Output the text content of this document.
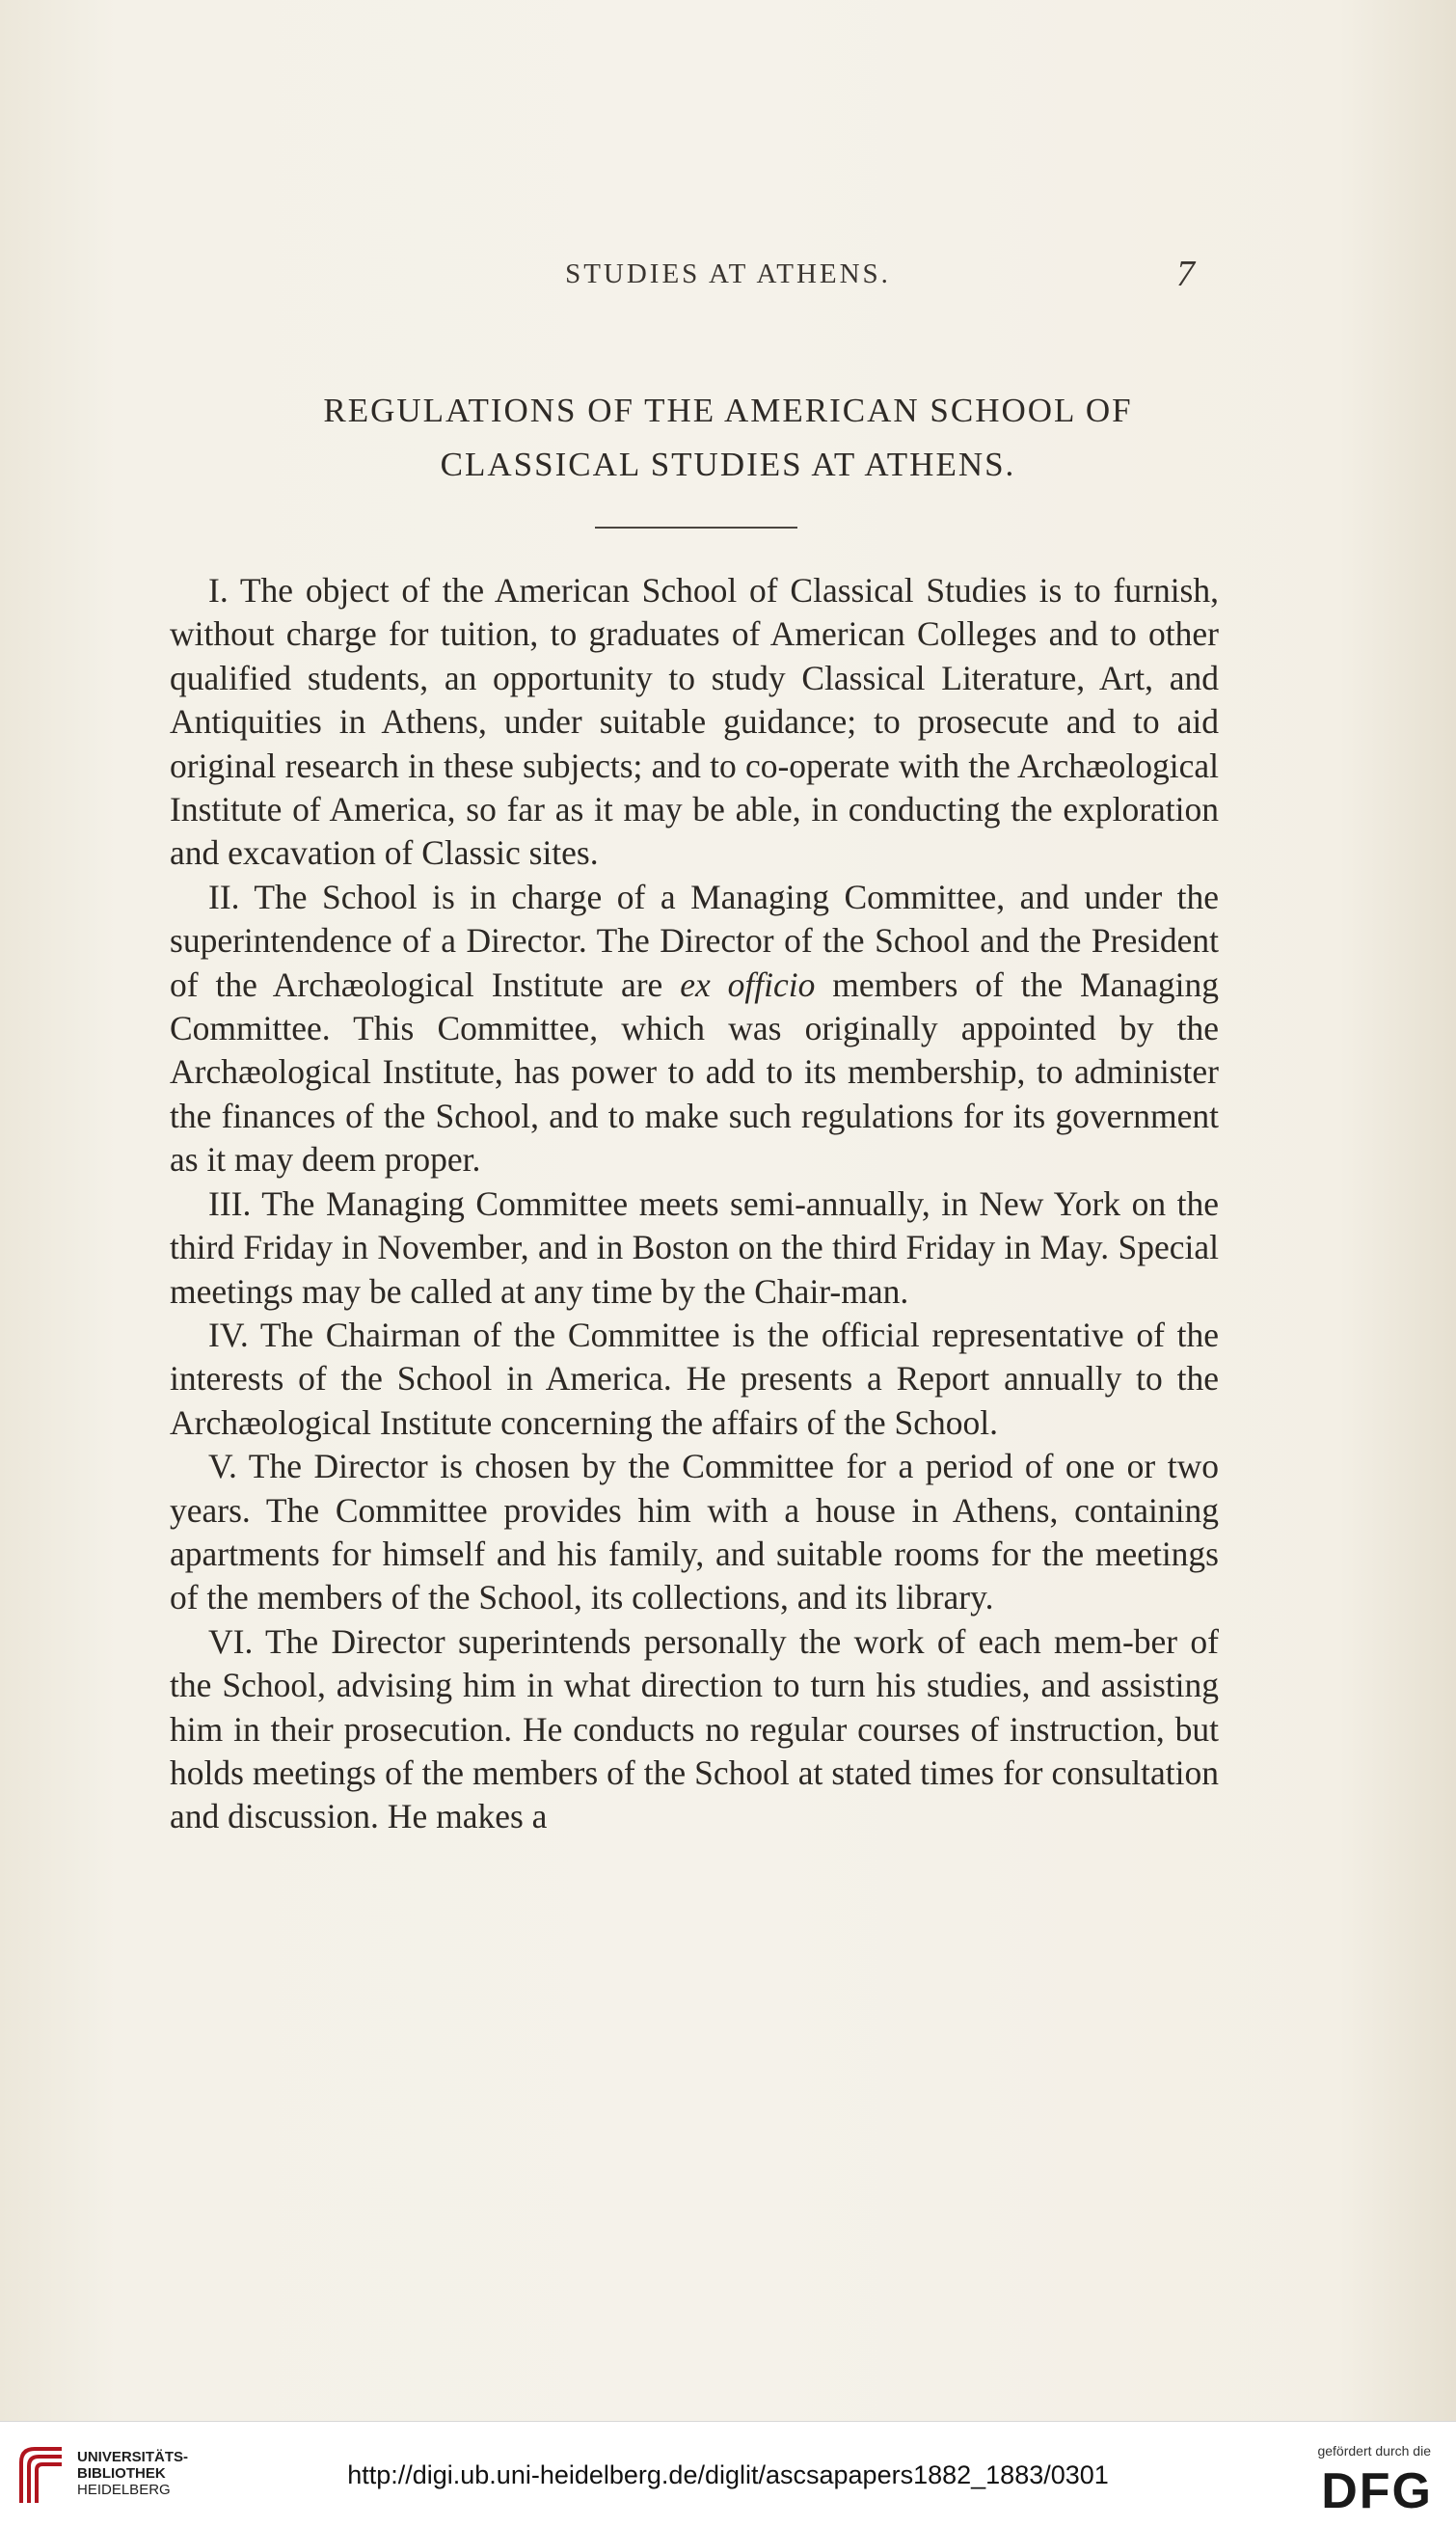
STUDIES AT ATHENS.	7
REGULATIONS OF THE AMERICAN SCHOOL OF
CLASSICAL STUDIES AT ATHENS.

I. The object of the American School of Classical Studies is to furnish, without charge for tuition, to graduates of American Colleges and to other qualified students, an opportunity to study Classical Literature, Art, and Antiquities in Athens, under suitable guidance; to prosecute and to aid original research in these subjects; and to co-operate with the Archæological Institute of America, so far as it may be able, in conducting the exploration and excavation of Classic sites.

II. The School is in charge of a Managing Committee, and under the superintendence of a Director. The Director of the School and the President of the Archæological Institute are ex officio members of the Managing Committee. This Committee, which was originally appointed by the Archæological Institute, has power to add to its membership, to administer the finances of the School, and to make such regulations for its government as it may deem proper.

III. The Managing Committee meets semi-annually, in New York on the third Friday in November, and in Boston on the third Friday in May. Special meetings may be called at any time by the Chair-man.

IV. The Chairman of the Committee is the official representative of the interests of the School in America. He presents a Report annually to the Archæological Institute concerning the affairs of the School.

V. The Director is chosen by the Committee for a period of one or two years. The Committee provides him with a house in Athens, containing apartments for himself and his family, and suitable rooms for the meetings of the members of the School, its collections, and its library.

VI. The Director superintends personally the work of each mem-ber of the School, advising him in what direction to turn his studies, and assisting him in their prosecution. He conducts no regular courses of instruction, but holds meetings of the members of the School at stated times for consultation and discussion. He makes a

UNIVERSITÄTS-
BIBLIOTHEK
HEIDELBERG
http://digi.ub.uni-heidelberg.de/diglit/ascsapapers1882_1883/0301
gefördert durch die
DFG
